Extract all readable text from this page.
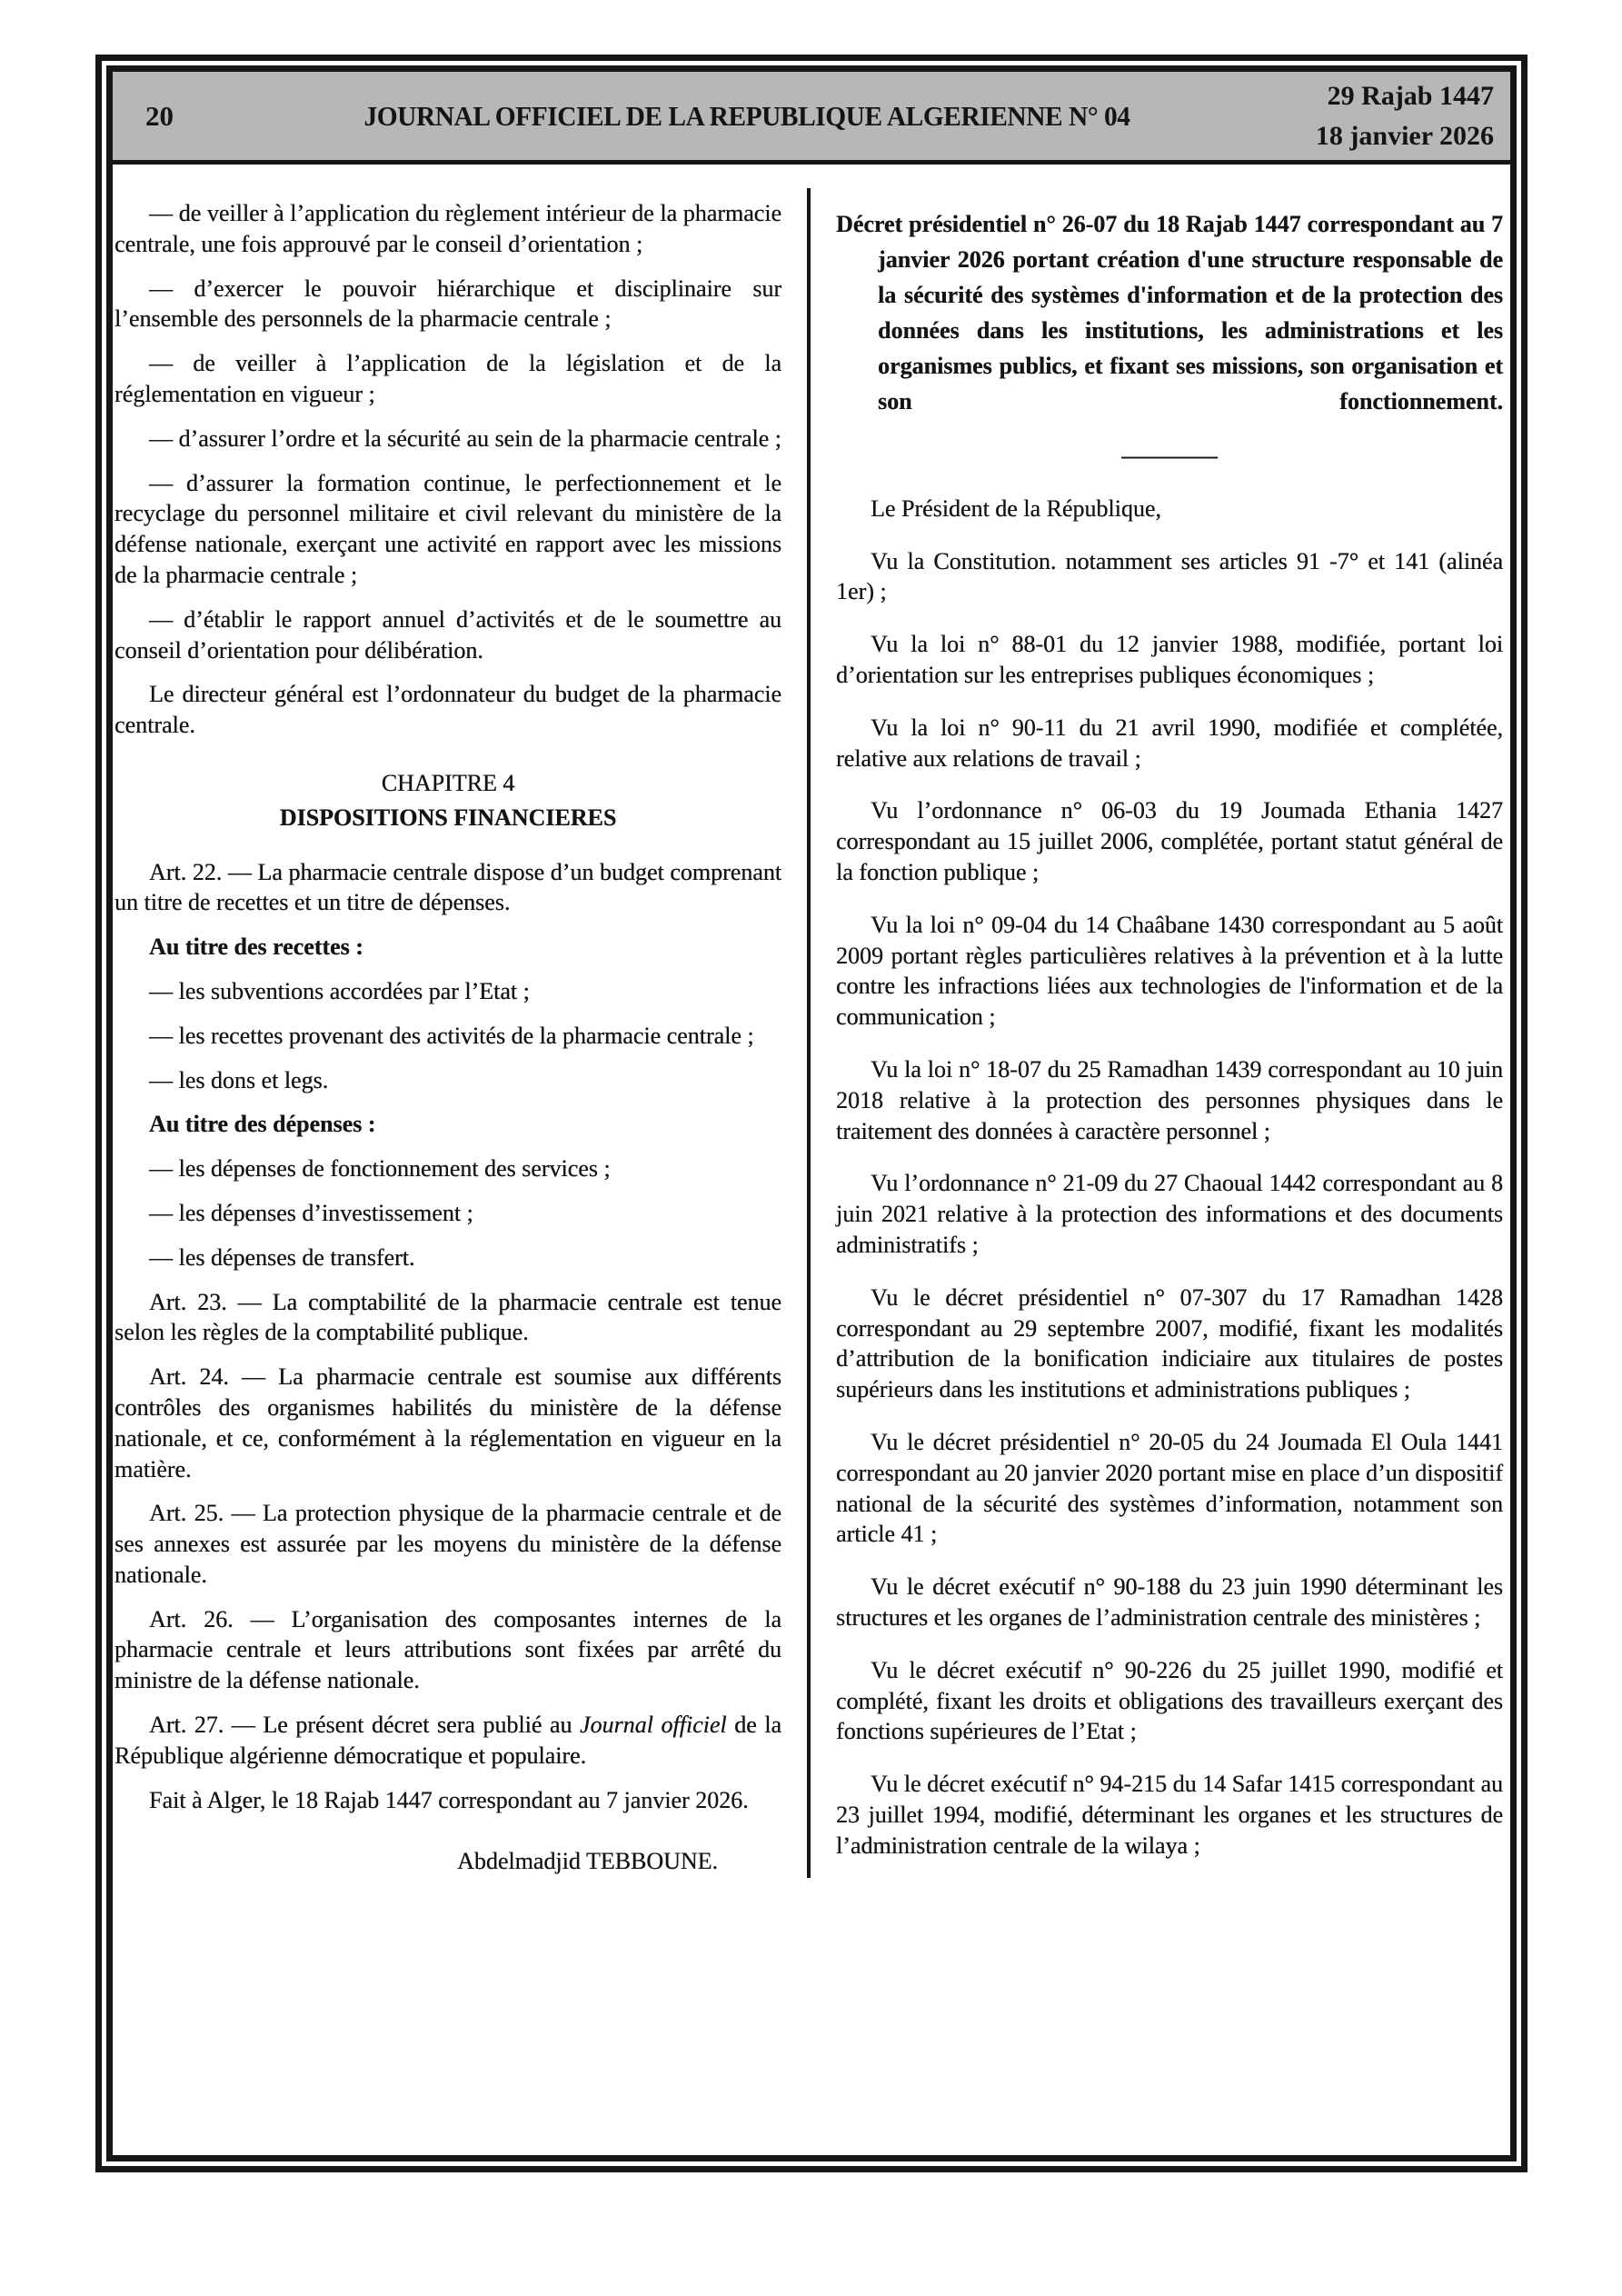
20	JOURNAL OFFICIEL DE LA REPUBLIQUE ALGERIENNE N° 04
29 Rajab 1447
18 janvier 2026

— de veiller à l’application du règlement intérieur de la pharmacie centrale, une fois approuvé par le conseil d’orientation ;

— d’exercer le pouvoir hiérarchique et disciplinaire sur l’ensemble des personnels de la pharmacie centrale ;

— de veiller à l’application de la législation et de la réglementation en vigueur ;

— d’assurer l’ordre et la sécurité au sein de la pharmacie centrale ;

— d’assurer la formation continue, le perfectionnement et le recyclage du personnel militaire et civil relevant du ministère de la défense nationale, exerçant une activité en rapport avec les missions de la pharmacie centrale ;

— d’établir le rapport annuel d’activités et de le soumettre au conseil d’orientation pour délibération.

Le directeur général est l’ordonnateur du budget de la pharmacie centrale.

CHAPITRE 4

DISPOSITIONS FINANCIERES

Art. 22. — La pharmacie centrale dispose d’un budget comprenant un titre de recettes et un titre de dépenses.

Au titre des recettes :

— les subventions accordées par l’Etat ;

— les recettes provenant des activités de la pharmacie centrale ;

— les dons et legs.

Au titre des dépenses :

— les dépenses de fonctionnement des services ;

— les dépenses d’investissement ;

— les dépenses de transfert.

Art. 23. — La comptabilité de la pharmacie centrale est tenue selon les règles de la comptabilité publique.

Art. 24. — La pharmacie centrale est soumise aux différents contrôles des organismes habilités du ministère de la défense nationale, et ce, conformément à la réglementation en vigueur en la matière.

Art. 25. — La protection physique de la pharmacie centrale et de ses annexes est assurée par les moyens du ministère de la défense nationale.

Art. 26. — L’organisation des composantes internes de la pharmacie centrale et leurs attributions sont fixées par arrêté du ministre de la défense nationale.

Art. 27. — Le présent décret sera publié au Journal officiel de la République algérienne démocratique et populaire.

Fait à Alger, le 18 Rajab 1447 correspondant au 7 janvier 2026.

Abdelmadjid TEBBOUNE.

Décret présidentiel n° 26-07 du 18 Rajab 1447 correspondant au 7 janvier 2026 portant création d'une structure responsable de la sécurité des systèmes d'information et de la protection des données dans les institutions, les administrations et les organismes publics, et fixant ses missions, son organisation et son fonctionnement.

— — — —

Le Président de la République,

Vu la Constitution. notamment ses articles 91 -7° et 141 (alinéa 1er) ;

Vu la loi n° 88-01 du 12 janvier 1988, modifiée, portant loi d’orientation sur les entreprises publiques économiques ;

Vu la loi n° 90-11 du 21 avril 1990, modifiée et complétée, relative aux relations de travail ;

Vu l’ordonnance n° 06-03 du 19 Joumada Ethania 1427 correspondant au 15 juillet 2006, complétée, portant statut général de la fonction publique ;

Vu la loi n° 09-04 du 14 Chaâbane 1430 correspondant au 5 août 2009 portant règles particulières relatives à la prévention et à la lutte contre les infractions liées aux technologies de l'information et de la communication ;

Vu la loi n° 18-07 du 25 Ramadhan 1439 correspondant au 10 juin 2018 relative à la protection des personnes physiques dans le traitement des données à caractère personnel ;

Vu l’ordonnance n° 21-09 du 27 Chaoual 1442 correspondant au 8 juin 2021 relative à la protection des informations et des documents administratifs ;

Vu le décret présidentiel n° 07-307 du 17 Ramadhan 1428 correspondant au 29 septembre 2007, modifié, fixant les modalités d’attribution de la bonification indiciaire aux titulaires de postes supérieurs dans les institutions et administrations publiques ;

Vu le décret présidentiel n° 20-05 du 24 Joumada El Oula 1441 correspondant au 20 janvier 2020 portant mise en place d’un dispositif national de la sécurité des systèmes d’information, notamment son article 41 ;

Vu le décret exécutif n° 90-188 du 23 juin 1990 déterminant les structures et les organes de l’administration centrale des ministères ;

Vu le décret exécutif n° 90-226 du 25 juillet 1990, modifié et complété, fixant les droits et obligations des travailleurs exerçant des fonctions supérieures de l’Etat ;

Vu le décret exécutif n° 94-215 du 14 Safar 1415 correspondant au 23 juillet 1994, modifié, déterminant les organes et les structures de l’administration centrale de la wilaya ;
